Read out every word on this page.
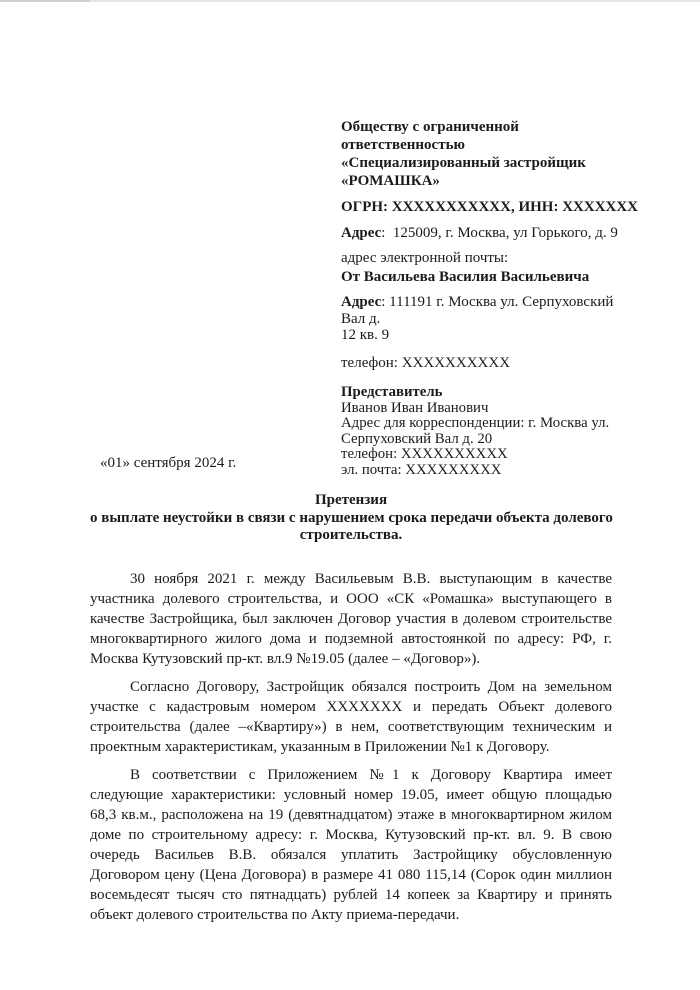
Обществу с ограниченной ответственностью
«Специализированный застройщик
«РОМАШКА»
ОГРН: XXXXXXXXXXX, ИНН: XXXXXXX
Адрес:  125009, г. Москва, ул Горького, д. 9
адрес электронной почты:
От Васильева Василия Васильевича
Адрес: 111191 г. Москва ул. Серпуховский Вал д.
12 кв. 9
телефон: XXXXXXXXXX
Представитель
Иванов Иван Иванович
Адрес для корреспонденции: г. Москва ул.
Серпуховский Вал д. 20
телефон: XXXXXXXXXX
эл. почта: XXXXXXXXX
«01» сентября 2024 г.
Претензия
о выплате неустойки в связи с нарушением срока передачи объекта долевого
строительства.

30 ноября 2021 г. между Васильевым В.В. выступающим в качестве участника долевого строительства, и ООО «СК «Ромашка» выступающего в качестве Застройщика, был заключен Договор участия в долевом строительстве многоквартирного жилого дома и подземной автостоянкой по адресу: РФ, г. Москва Кутузовский пр-кт. вл.9 №19.05 (далее – «Договор»).

Согласно Договору, Застройщик обязался построить Дом на земельном участке с кадастровым номером XXXXXXX и передать Объект долевого строительства (далее –«Квартиру») в нем, соответствующим техническим и проектным характеристикам, указанным в Приложении №1 к Договору.

В соответствии с Приложением №1 к Договору Квартира имеет следующие характеристики: условный номер 19.05, имеет общую площадью 68,3 кв.м., расположена на 19 (девятнадцатом) этаже в многоквартирном жилом доме по строительному адресу: г. Москва, Кутузовский пр-кт. вл. 9. В свою очередь Васильев В.В. обязался уплатить Застройщику обусловленную Договором цену (Цена Договора) в размере 41 080 115,14 (Сорок один миллион восемьдесят тысяч сто пятнадцать) рублей 14 копеек за Квартиру и принять объект долевого строительства по Акту приема-передачи.
